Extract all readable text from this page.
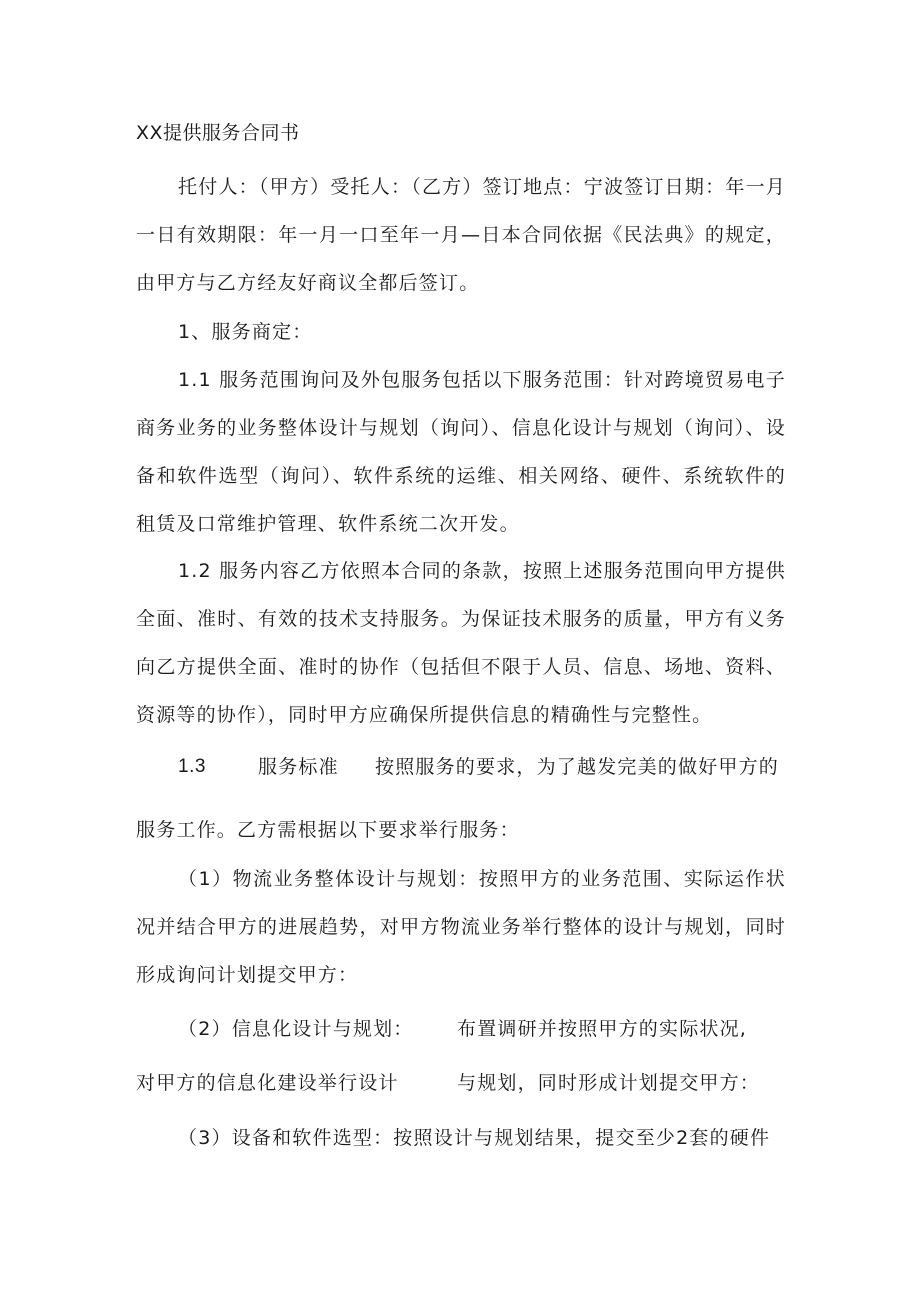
XX提供服务合同书
托付人：（甲方）受托人：（乙方）签订地点：宁波签订日期：年一月一日有效期限：年一月一口至年一月—日本合同依据《民法典》的规定，由甲方与乙方经友好商议全都后签订。
1、服务商定：
1.1 服务范围询问及外包服务包括以下服务范围：针对跨境贸易电子商务业务的业务整体设计与规划（询问）、信息化设计与规划（询问）、设备和软件选型（询问）、软件系统的运维、相关网络、硬件、系统软件的租赁及口常维护管理、软件系统二次开发。
1.2 服务内容乙方依照本合同的条款，按照上述服务范围向甲方提供全面、准时、有效的技术支持服务。为保证技术服务的质量，甲方有义务向乙方提供全面、准时的协作（包括但不限于人员、信息、场地、资料、资源等的协作），同时甲方应确保所提供信息的精确性与完整性。
1.3	服务标准 按照服务的要求，为了越发完美的做好甲方的
服务工作。乙方需根据以下要求举行服务：
（1）物流业务整体设计与规划：按照甲方的业务范围、实际运作状况并结合甲方的进展趋势，对甲方物流业务举行整体的设计与规划，同时形成询问计划提交甲方：
（2）信息化设计与规划： 布置调研并按照甲方的实际状况,
对甲方的信息化建设举行设计	与规划，同时形成计划提交甲方：
（3）设备和软件选型：按照设计与规划结果，提交至少2套的硬件
